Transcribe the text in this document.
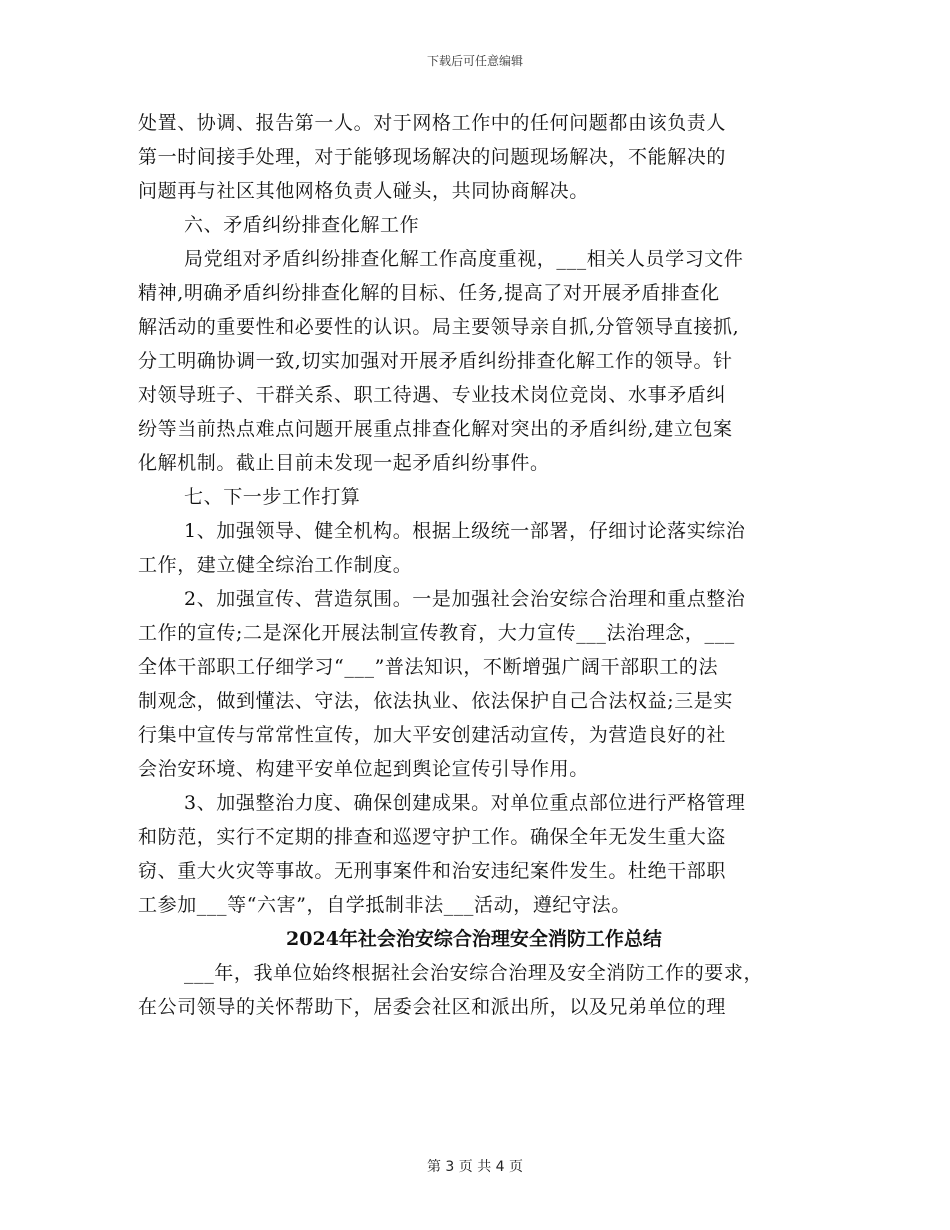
下载后可任意编辑
处置、协调、报告第一人。对于网格工作中的任何问题都由该负责人
第一时间接手处理，对于能够现场解决的问题现场解决，不能解决的
问题再与社区其他网格负责人碰头，共同协商解决。
六、矛盾纠纷排查化解工作
局党组对矛盾纠纷排查化解工作高度重视，___相关人员学习文件
精神,明确矛盾纠纷排查化解的目标、任务,提高了对开展矛盾排查化
解活动的重要性和必要性的认识。局主要领导亲自抓,分管领导直接抓,
分工明确协调一致,切实加强对开展矛盾纠纷排查化解工作的领导。针
对领导班子、干群关系、职工待遇、专业技术岗位竞岗、水事矛盾纠
纷等当前热点难点问题开展重点排查化解对突出的矛盾纠纷,建立包案
化解机制。截止目前未发现一起矛盾纠纷事件。
七、下一步工作打算
1、加强领导、健全机构。根据上级统一部署，仔细讨论落实综治
工作，建立健全综治工作制度。
2、加强宣传、营造氛围。一是加强社会治安综合治理和重点整治
工作的宣传;二是深化开展法制宣传教育，大力宣传___法治理念，___
全体干部职工仔细学习“___”普法知识，不断增强广阔干部职工的法
制观念，做到懂法、守法，依法执业、依法保护自己合法权益;三是实
行集中宣传与常常性宣传，加大平安创建活动宣传，为营造良好的社
会治安环境、构建平安单位起到舆论宣传引导作用。
3、加强整治力度、确保创建成果。对单位重点部位进行严格管理
和防范，实行不定期的排查和巡逻守护工作。确保全年无发生重大盗
窃、重大火灾等事故。无刑事案件和治安违纪案件发生。杜绝干部职
工参加___等“六害”，自学抵制非法___活动，遵纪守法。
2024年社会治安综合治理安全消防工作总结
___年，我单位始终根据社会治安综合治理及安全消防工作的要求，
在公司领导的关怀帮助下，居委会社区和派出所，以及兄弟单位的理
第 3 页 共 4 页
